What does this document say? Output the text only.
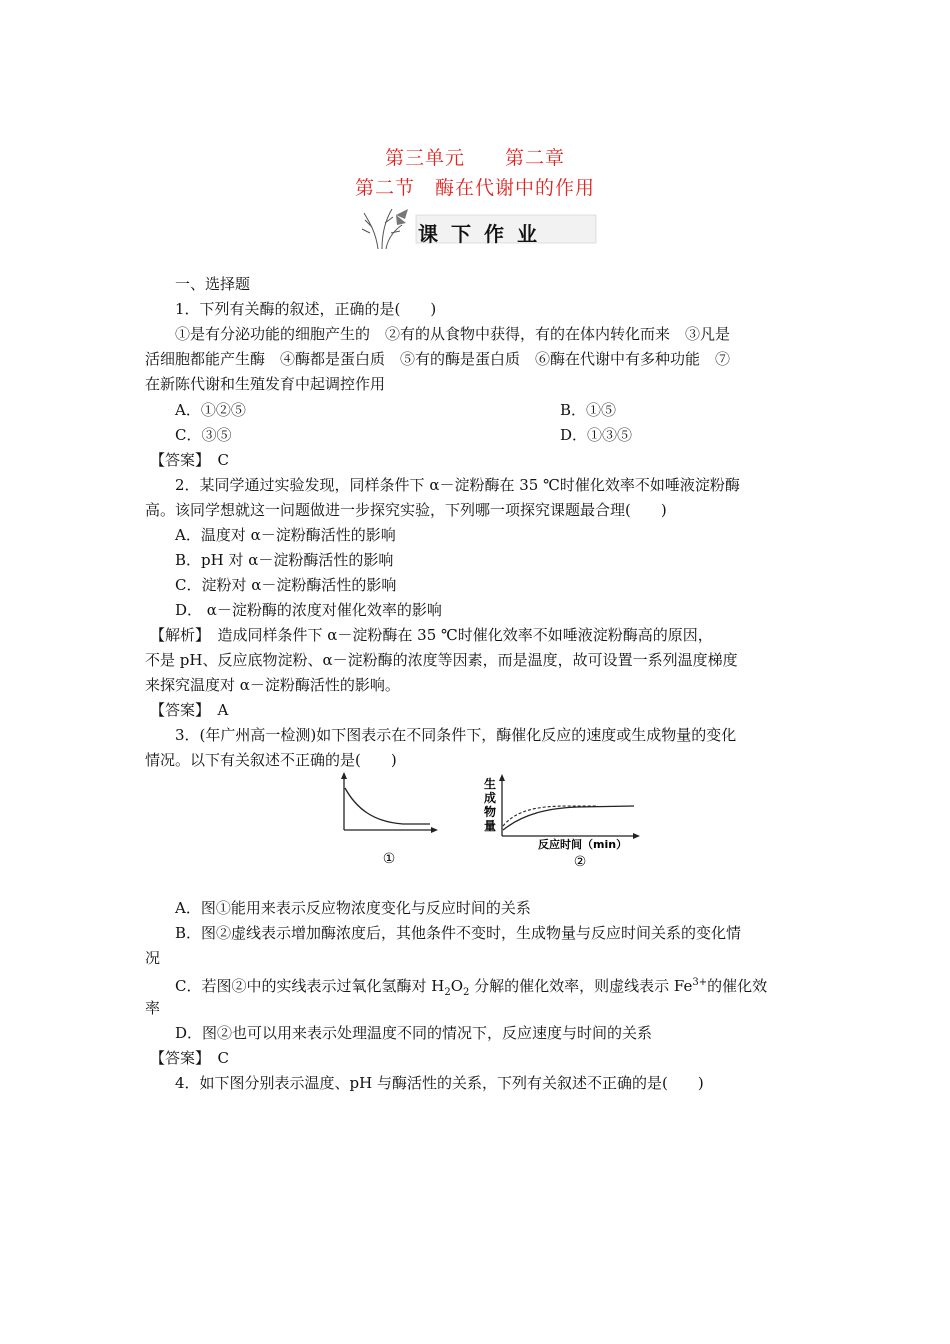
第三单元　　第二章
第二节　酶在代谢中的作用
课下作业
一、选择题
1．下列有关酶的叙述，正确的是(　　)
①是有分泌功能的细胞产生的　②有的从食物中获得，有的在体内转化而来　③凡是
活细胞都能产生酶　④酶都是蛋白质　⑤有的酶是蛋白质　⑥酶在代谢中有多种功能　⑦
在新陈代谢和生殖发育中起调控作用
A．①②⑤	B．①⑤
C．③⑤	D．①③⑤
【答案】　C
2．某同学通过实验发现，同样条件下 α－淀粉酶在 35 ℃时催化效率不如唾液淀粉酶
高。该同学想就这一问题做进一步探究实验，下列哪一项探究课题最合理(　　)
A．温度对 α－淀粉酶活性的影响
B．pH 对 α－淀粉酶活性的影响
C．淀粉对 α－淀粉酶活性的影响
D． α－淀粉酶的浓度对催化效率的影响
【解析】　造成同样条件下 α－淀粉酶在 35 ℃时催化效率不如唾液淀粉酶高的原因，
不是 pH、反应底物淀粉、α－淀粉酶的浓度等因素，而是温度，故可设置一系列温度梯度
来探究温度对 α－淀粉酶活性的影响。
【答案】　A
3．(年广州高一检测)如下图表示在不同条件下，酶催化反应的速度或生成物量的变化
情况。以下有关叙述不正确的是(　　)
①
生
成
物
量
反应时间（min）
②
A．图①能用来表示反应物浓度变化与反应时间的关系
B．图②虚线表示增加酶浓度后，其他条件不变时，生成物量与反应时间关系的变化情
况
C．若图②中的实线表示过氧化氢酶对 $H_2O_2$ 分解的催化效率，则虚线表示 $Fe^{3+}$的催化效
率
D．图②也可以用来表示处理温度不同的情况下，反应速度与时间的关系
【答案】　C
4．如下图分别表示温度、pH 与酶活性的关系，下列有关叙述不正确的是(　　)
